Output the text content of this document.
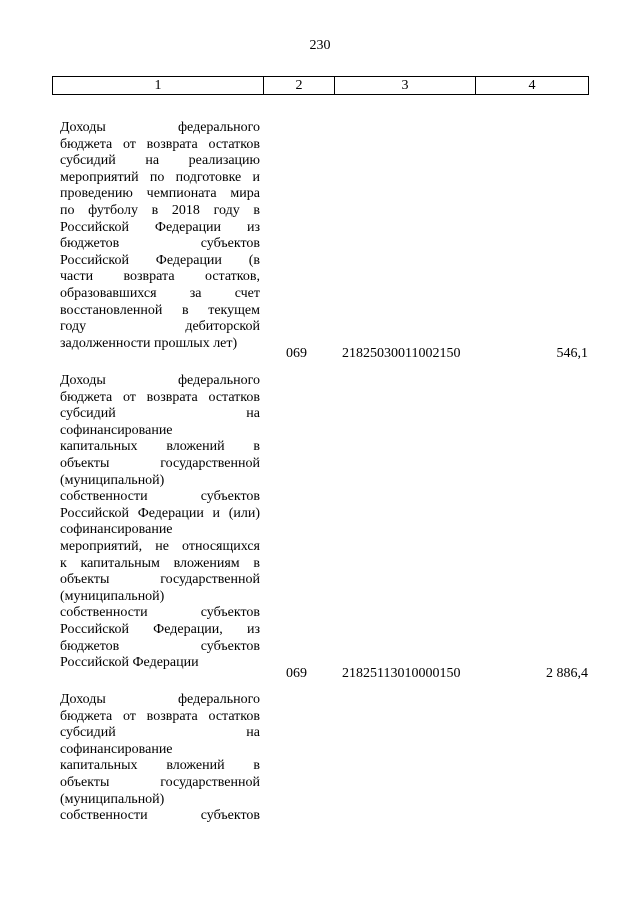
230
1	2	3	4
Доходы федерального
бюджета от возврата остатков
субсидий на реализацию
мероприятий по подготовке и
проведению чемпионата мира
по футболу в 2018 году в
Российской Федерации из
бюджетов субъектов
Российской Федерации (в
части возврата остатков,
образовавшихся за счет
восстановленной в текущем
году дебиторской
задолженности прошлых лет)
069	21825030011002150	546,1
Доходы федерального
бюджета от возврата остатков
субсидий на
софинансирование
капитальных вложений в
объекты государственной
(муниципальной)
собственности субъектов
Российской Федерации и (или)
софинансирование
мероприятий, не относящихся
к капитальным вложениям в
объекты государственной
(муниципальной)
собственности субъектов
Российской Федерации, из
бюджетов субъектов
Российской Федерации
069	21825113010000150	2 886,4
Доходы федерального
бюджета от возврата остатков
субсидий на
софинансирование
капитальных вложений в
объекты государственной
(муниципальной)
собственности субъектов
